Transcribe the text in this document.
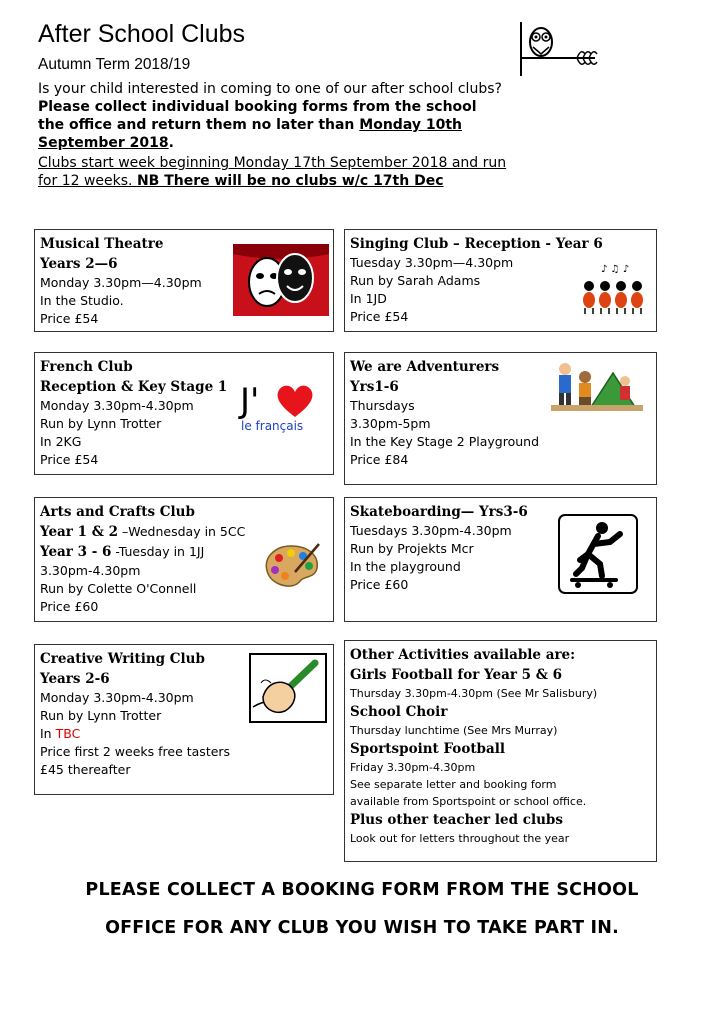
After School Clubs
Autumn Term 2018/19
Is your child interested in coming to one of our after school clubs?
Please collect individual booking forms from the school
the office and return them no later than Monday 10th
September 2018.
Clubs start week beginning Monday 17th September 2018 and run
for 12 weeks. NB There will be no clubs w/c 17th Dec
Musical Theatre
Years 2—6
Monday 3.30pm—4.30pm
In the Studio.
Price £54
Singing Club – Reception - Year 6
Tuesday 3.30pm—4.30pm
Run by Sarah Adams
In 1JD
Price £54
♪ ♫ ♪
French Club
Reception & Key Stage 1
Monday 3.30pm-4.30pm
Run by Lynn Trotter
In 2KG
Price £54
J'
le français
We are Adventurers
Yrs1-6
Thursdays
3.30pm-5pm
In the Key Stage 2 Playground
Price £84
Arts and Crafts Club
Year 1 & 2 –Wednesday in 5CC
Year 3 - 6 -Tuesday in 1JJ
3.30pm-4.30pm
Run by Colette O'Connell
Price £60
Skateboarding— Yrs3-6
Tuesdays 3.30pm-4.30pm
Run by Projekts Mcr
In the playground
Price £60
Creative Writing Club
Years 2-6
Monday 3.30pm-4.30pm
Run by Lynn Trotter
In TBC
Price first 2 weeks free tasters
£45 thereafter
Other Activities available are:
Girls Football for Year 5 & 6
Thursday 3.30pm-4.30pm (See Mr Salisbury)
School Choir
Thursday lunchtime (See Mrs Murray)
Sportspoint Football
Friday 3.30pm-4.30pm
See separate letter and booking form
available from Sportspoint or school office.
Plus other teacher led clubs
Look out for letters throughout the year
PLEASE COLLECT A BOOKING FORM FROM THE SCHOOL
OFFICE FOR ANY CLUB YOU WISH TO TAKE PART IN.
